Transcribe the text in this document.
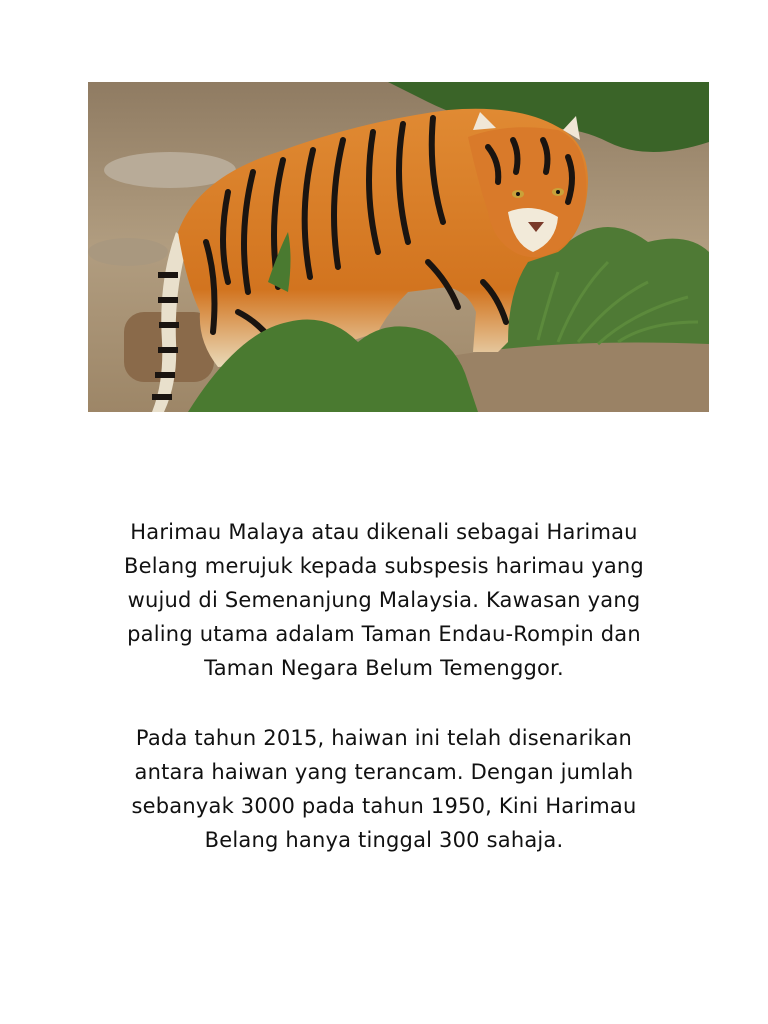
Harimau Malaya atau dikenali sebagai Harimau
Belang merujuk kepada subspesis harimau yang
wujud di Semenanjung Malaysia. Kawasan yang
paling utama adalam Taman Endau-Rompin dan
Taman Negara Belum Temenggor.
Pada tahun 2015, haiwan ini telah disenarikan
antara haiwan yang terancam. Dengan jumlah
sebanyak 3000 pada tahun 1950, Kini Harimau
Belang hanya tinggal 300 sahaja.
